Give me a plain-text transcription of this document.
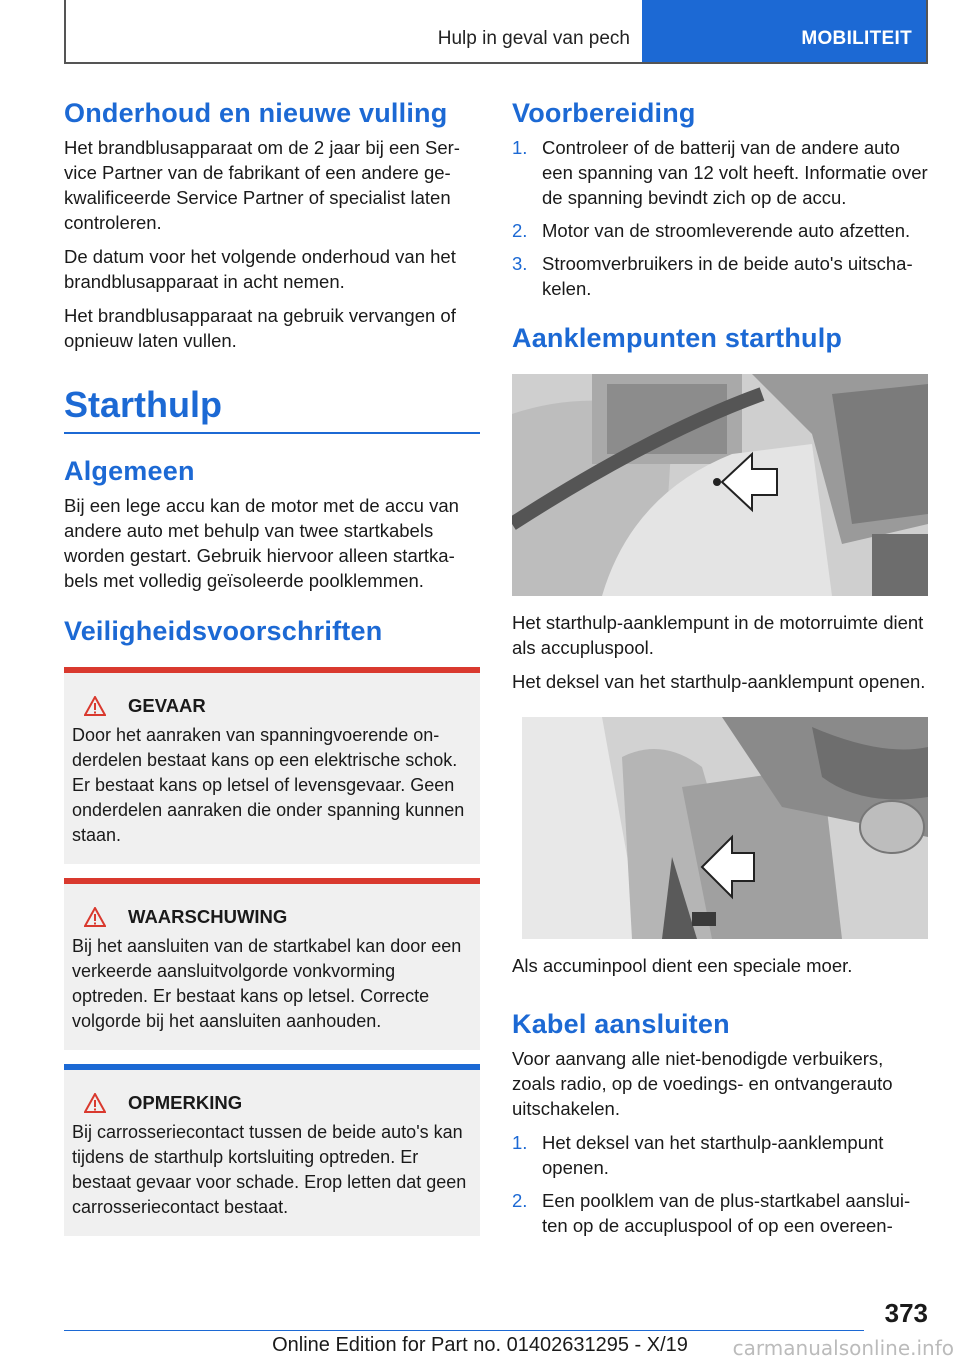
Hulp in geval van pech	MOBILITEIT
Onderhoud en nieuwe vulling

Het brandblusapparaat om de 2 jaar bij een Service Partner van de fabrikant of een andere gekwalificeerde Service Partner of specialist laten controleren.

De datum voor het volgende onderhoud van het brandblusapparaat in acht nemen.

Het brandblusapparaat na gebruik vervangen of opnieuw laten vullen.

Starthulp
Algemeen

Bij een lege accu kan de motor met de accu van andere auto met behulp van twee startkabels worden gestart. Gebruik hiervoor alleen startkabels met volledig geïsoleerde poolklemmen.

Veiligheidsvoorschriften
GEVAAR

Door het aanraken van spanningvoerende onderdelen bestaat kans op een elektrische schok. Er bestaat kans op letsel of levensgevaar. Geen onderdelen aanraken die onder spanning kunnen staan.

WAARSCHUWING

Bij het aansluiten van de startkabel kan door een verkeerde aansluitvolgorde vonkvorming optreden. Er bestaat kans op letsel. Correcte volgorde bij het aansluiten aanhouden.

OPMERKING

Bij carrosseriecontact tussen de beide auto's kan tijdens de starthulp kortsluiting optreden. Er bestaat gevaar voor schade. Erop letten dat geen carrosseriecontact bestaat.

Voorbereiding
1. Controleer of de batterij van de andere auto een spanning van 12 volt heeft. Informatie over de spanning bevindt zich op de accu.
2. Motor van de stroomleverende auto afzetten.
3. Stroomverbruikers in de beide auto's uitschakelen.
Aanklempunten starthulp

Het starthulp-aanklempunt in de motorruimte dient als accupluspool.

Het deksel van het starthulp-aanklempunt openen.

Als accuminpool dient een speciale moer.

Kabel aansluiten

Voor aanvang alle niet-benodigde verbuikers, zoals radio, op de voedings- en ontvangerauto uitschakelen.

1. Het deksel van het starthulp-aanklempunt openen.
2. Een poolklem van de plus-startkabel aansluiten op de accupluspool of op een overeen-
373
Online Edition for Part no. 01402631295 - X/19	carmanualsonline.info
